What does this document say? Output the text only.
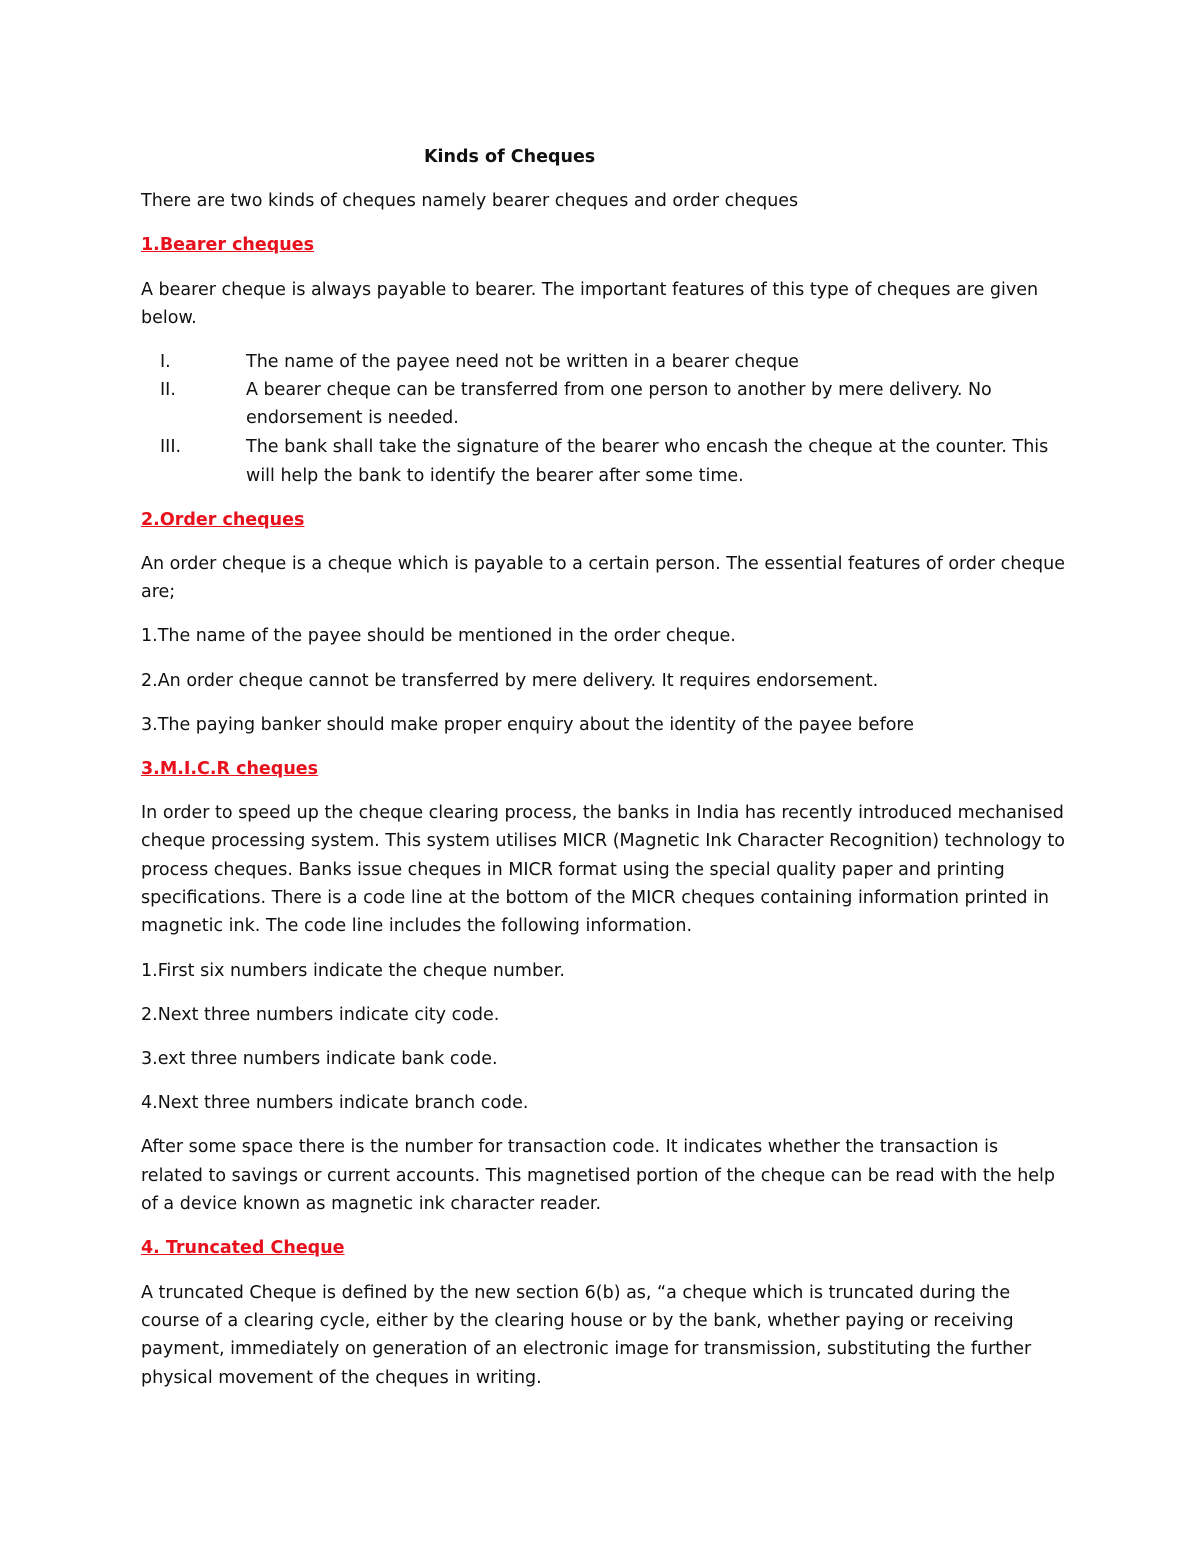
Kinds of Cheques
There are two kinds of cheques namely bearer cheques and order cheques
1.Bearer cheques
A bearer cheque is always payable to bearer. The important features of this type of cheques are given
below.
I.	The name of the payee need not be written in a bearer cheque
II.	A bearer cheque can be transferred from one person to another by mere delivery. No
endorsement is needed.
III.	The bank shall take the signature of the bearer who encash the cheque at the counter. This
will help the bank to identify the bearer after some time.
2.Order cheques
An order cheque is a cheque which is payable to a certain person. The essential features of order cheque
are;
1.The name of the payee should be mentioned in the order cheque.
2.An order cheque cannot be transferred by mere delivery. It requires endorsement.
3.The paying banker should make proper enquiry about the identity of the payee before
3.M.I.C.R cheques
In order to speed up the cheque clearing process, the banks in India has recently introduced mechanised
cheque processing system. This system utilises MICR (Magnetic Ink Character Recognition) technology to
process cheques. Banks issue cheques in MICR format using the special quality paper and printing
specifications. There is a code line at the bottom of the MICR cheques containing information printed in
magnetic ink. The code line includes the following information.
1.First six numbers indicate the cheque number.
2.Next three numbers indicate city code.
3.ext three numbers indicate bank code.
4.Next three numbers indicate branch code.
After some space there is the number for transaction code. It indicates whether the transaction is
related to savings or current accounts. This magnetised portion of the cheque can be read with the help
of a device known as magnetic ink character reader.
4. Truncated Cheque
A truncated Cheque is defined by the new section 6(b) as, “a cheque which is truncated during the
course of a clearing cycle, either by the clearing house or by the bank, whether paying or receiving
payment, immediately on generation of an electronic image for transmission, substituting the further
physical movement of the cheques in writing.
